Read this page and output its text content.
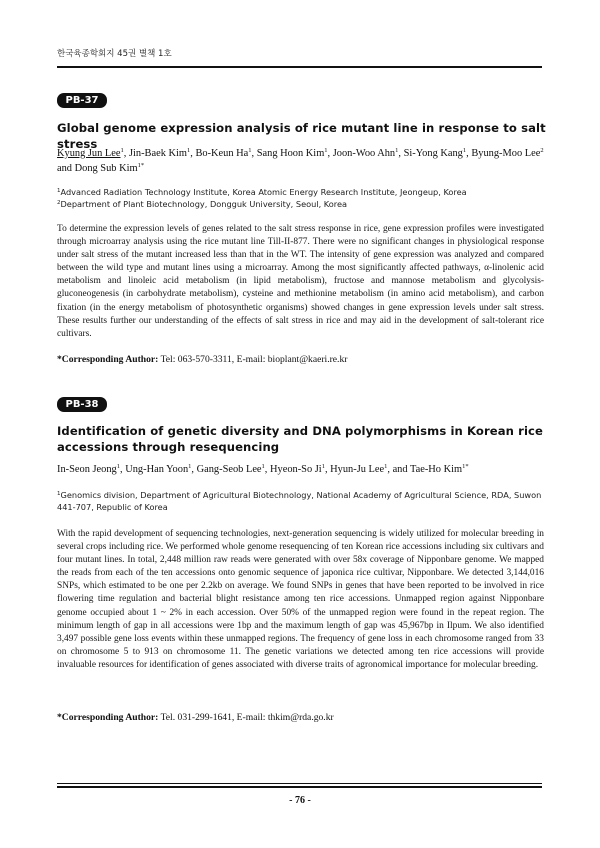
한국육종학회지 45권 별책 1호
PB-37
Global genome expression analysis of rice mutant line in response to salt stress
Kyung Jun Lee$^1$, Jin-Baek Kim$^1$, Bo-Keun Ha$^1$, Sang Hoon Kim$^1$, Joon-Woo Ahn$^1$, Si-Yong Kang$^1$, Byung-Moo Lee$^2$ and Dong Sub Kim$^{1*}$
$^1$Advanced Radiation Technology Institute, Korea Atomic Energy Research Institute, Jeongeup, Korea
$^2$Department of Plant Biotechnology, Dongguk University, Seoul, Korea
To determine the expression levels of genes related to the salt stress response in rice, gene expression profiles were investigated through microarray analysis using the rice mutant line Till-II-877. There were no significant changes in physiological response under salt stress of the mutant increased less than that in the WT. The intensity of gene expression was analyzed and compared between the wild type and mutant lines using a microarray. Among the most significantly affected pathways, α-linolenic acid metabolism and linoleic acid metabolism (in lipid metabolism), fructose and mannose metabolism and glycolysis-gluconeogenesis (in carbohydrate metabolism), cysteine and methionine metabolism (in amino acid metabolism), and carbon fixation (in the energy metabolism of photosynthetic organisms) showed changes in gene expression levels under salt stress. These results further our understanding of the effects of salt stress in rice and may aid in the development of salt-tolerant rice cultivars.
*Corresponding Author: Tel: 063-570-3311, E-mail: bioplant@kaeri.re.kr
PB-38
Identification of genetic diversity and DNA polymorphisms in Korean rice accessions through resequencing
In-Seon Jeong$^1$, Ung-Han Yoon$^1$, Gang-Seob Lee$^1$, Hyeon-So Ji$^1$, Hyun-Ju Lee$^1$, and Tae-Ho Kim$^{1*}$
$^1$Genomics division, Department of Agricultural Biotechnology, National Academy of Agricultural Science, RDA, Suwon 441-707, Republic of Korea
With the rapid development of sequencing technologies, next-generation sequencing is widely utilized for molecular breeding in several crops including rice. We performed whole genome resequencing of ten Korean rice accessions including six cultivars and four mutant lines. In total, 2,448 million raw reads were generated with over 58x coverage of Nipponbare genome. We mapped the reads from each of the ten accessions onto genomic sequence of japonica rice cultivar, Nipponbare. We detected 3,144,016 SNPs, which estimated to be one per 2.2kb on average. We found SNPs in genes that have been reported to be involved in rice flowering time regulation and bacterial blight resistance among ten rice accessions. Unmapped region against Nipponbare genome occupied about 1 ~ 2% in each accession. Over 50% of the unmapped region were found in the repeat region. The minimum length of gap in all accessions were 1bp and the maximum length of gap was 45,967bp in Ilpum. We also identified 3,497 possible gene loss events within these unmapped regions. The frequency of gene loss in each chromosome ranged from 33 on chromosome 5 to 913 on chromosome 11. The genetic variations we detected among ten rice accessions will provide invaluable resources for identification of genes associated with diverse traits of agronomical importance for molecular breeding.
*Corresponding Author: Tel. 031-299-1641, E-mail: thkim@rda.go.kr
- 76 -
